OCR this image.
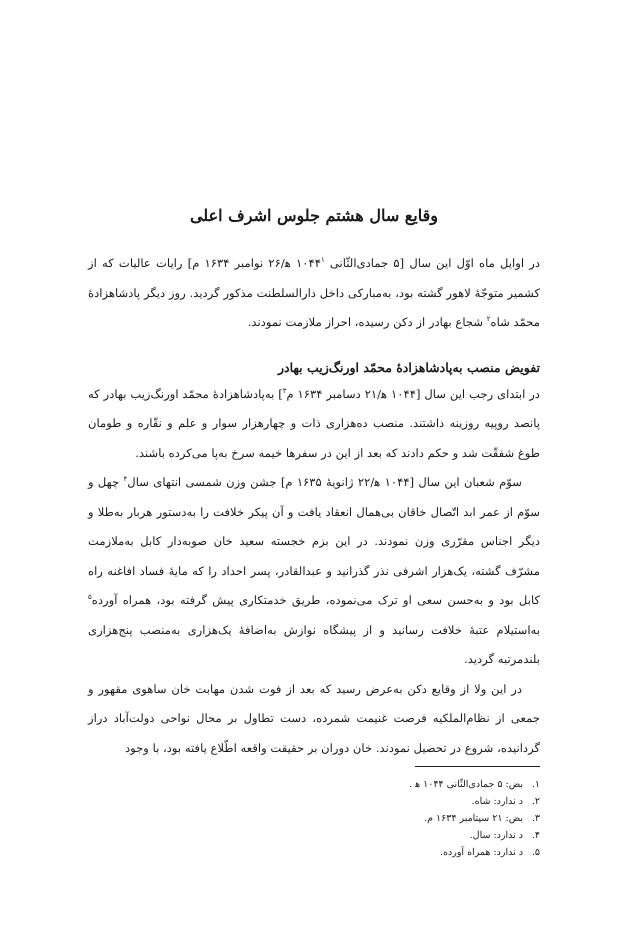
وقایع سال هشتم جلوس اشرف اعلی

در اوایل ماه اوّل این سال [۵ جمادی‌الثّانی ۱۰۴۴$^۱$ ه‍/۲۶ نوامبر ۱۶۳۴ م] رایات عالیات که از کشمیر متوجّهٔ لاهور گشته بود، به‌مبارکی داخل دارالسلطنت مذکور گردید. روز دیگر پادشاهزادهٔ محمّد شاه$^۲$ شجاع بهادر از دکن رسیده، احراز ملازمت نمودند.

تفویض منصب به‌پادشاهزادهٔ محمّد اورنگ‌زیب بهادر

در ابتدای رجب این سال [۱۰۴۴ ه‍/۲۱ دسامبر ۱۶۳۴ م$^۳$] به‌پادشاهزادهٔ محمّد اورنگ‌زیب بهادر که پانصد روپیه روزینه داشتند. منصب ده‌هزاری ذات و چهارهزار سوار و علم و نقّاره و طومان طوغ شفقّت شد و حکم دادند که بعد از این در سفرها خیمه سرخ به‌پا می‌کرده باشند.

سوّم شعبان این سال [۱۰۴۴ ه‍/۲۲ ژانویهٔ ۱۶۳۵ م] جشن وزن شمسی انتهای سال$^۴$ چهل و سوّم از عمر ابد اتّصال خاقان بی‌همال انعقاد یافت و آن پیکر خلافت را به‌دستور هربار به‌طلا و دیگر اجناس مقرّری وزن نمودند. در این بزم خجسته سعید خان صوبه‌دار کابل به‌ملازمت مشرّف گشته، یک‌هزار اشرفی نذر گذرانید و عبدالقادر، پسر احداد را که مایهٔ فساد افاغنه راه کابل بود و به‌حسن سعی او ترک می‌نموده، طریق خدمتکاری پیش گرفته بود، همراه آورده$^۵$ به‌استیلام عتبهٔ خلافت رسانید و از پیشگاه نوازش به‌اضافهٔ یک‌هزاری به‌منصب پنج‌هزاری بلندمرتبه گردید.

در این ولا از وقایع دکن به‌عرض رسید که بعد از فوت شدن مهابت خان ساهوی مقهور و جمعی از نظام‌الملکیه فرصت غنیمت شمرده، دست تطاول بر محال نواحی دولت‌آباد دراز گردانیده، شروع در تحصیل نمودند. خان دوران بر حقیقت واقعه اطّلاع یافته بود، با وجود

۱.
بض: ۵ جمادی‌الثّانی ۱۰۴۴ ه‍ .
۲.
د ندارد: شاه.
۳.
بض: ۲۱ سپتامبر ۱۶۳۴ م.
۴.
د ندارد: سال.
۵.
د ندارد: همراه آورده.
